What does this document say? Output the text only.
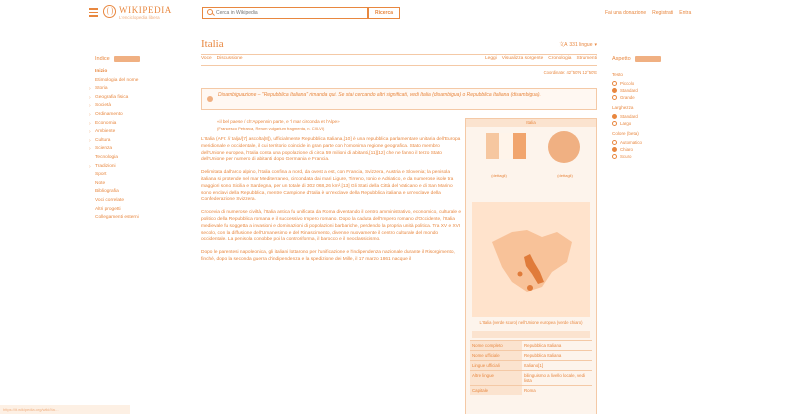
WIKIPEDIA
L'enciclopedia libera
Cerca in Wikipedia
Ricerca	Fai una donazione Registrati Entra
Indice
Inizio
Etimologia del nome
› Storia
› Geografia fisica
› Società
› Ordinamento
› Economia
› Ambiente
› Cultura
› Scienza
Tecnologia
› Tradizioni
Sport
Note
Bibliografia
Voci correlate
Altri progetti
Collegamenti esterni
Italia	文A 331 lingue ▾
Voce Discussione	Leggi Visualizza sorgente Cronologia Strumenti
Coordinate: 42°50′N 12°50′E
Disambiguazione – "Repubblica Italiana" rimanda qui. Se stai cercando altri significati, vedi Italia (disambigua) o Repubblica Italiana (disambigua).
«il bel paese / ch'Appennin parte, e 'l mar circonda et l'Alpe»
(Francesco Petrarca, Rerum vulgarium fragmenta, n. CXLVI)

L'Italia (AFI: /iˈtalja/[7] ascolta[8]), ufficialmente Repubblica Italiana,[10] è una repubblica parlamentare unitaria dell'Europa meridionale e occidentale, il cui territorio coincide in gran parte con l'omonima regione geografica. Stato membro dell'Unione europea, l'Italia conta una popolazione di circa 59 milioni di abitanti,[11][12] che ne fanno il terzo Stato dell'Unione per numero di abitanti dopo Germania e Francia.

Delimitata dall'arco alpino, l'Italia confina a nord, da ovest a est, con Francia, Svizzera, Austria e Slovenia; la penisola italiana si protende nel mar Mediterraneo, circondata dai mari Ligure, Tirreno, Ionio e Adriatico, e da numerose isole tra maggiori sono Sicilia e Sardegna, per un totale di 302 068,26 km².[13] Gli Stati della Città del Vaticano e di San Marino sono enclavi della Repubblica, mentre Campione d'Italia è un'exclave della Repubblica italiana e un'exclave della Confederazione Svizzera.

Crocevia di numerose civiltà, l'Italia antica fu unificata da Roma diventando il centro amministrativo, economico, culturale e politico della Repubblica romana e il successivo Impero romano. Dopo la caduta dell'Impero romano d'Occidente, l'Italia medievale fu soggetta a invasioni e dominazioni di popolazioni barbariche, perdendo la propria unità politica. Tra XV e XVI secolo, con la diffusione dell'Umanesimo e del Rinascimento, divenne nuovamente il centro culturale del mondo occidentale. La penisola conobbe poi la controriforma, il barocco e il neoclassicismo.

Dopo le parentesi napoleonica, gli italiani lottarono per l'unificazione e l'indipendenza nazionale durante il Risorgimento, finché, dopo la seconda guerra d'indipendenza e la spedizione dei Mille, il 17 marzo 1861 nacque il

Italia
(dettagli)	(dettagli)
L'Italia (verde scuro) nell'Unione europea (verde chiaro)
Nome completo	Repubblica Italiana
Nome ufficiale	Repubblica Italiana
Lingue ufficiali	Italiano[1]
Altre lingue	bilinguismo a livello locale, vedi lista
Capitale	Roma
Aspetto
Testo
Piccolo
Standard
Grande
Larghezza
Standard
Largo
Colore (beta)
Automatico
Chiaro
Scuro
https://it.wikipedia.org/wiki/Ita…
